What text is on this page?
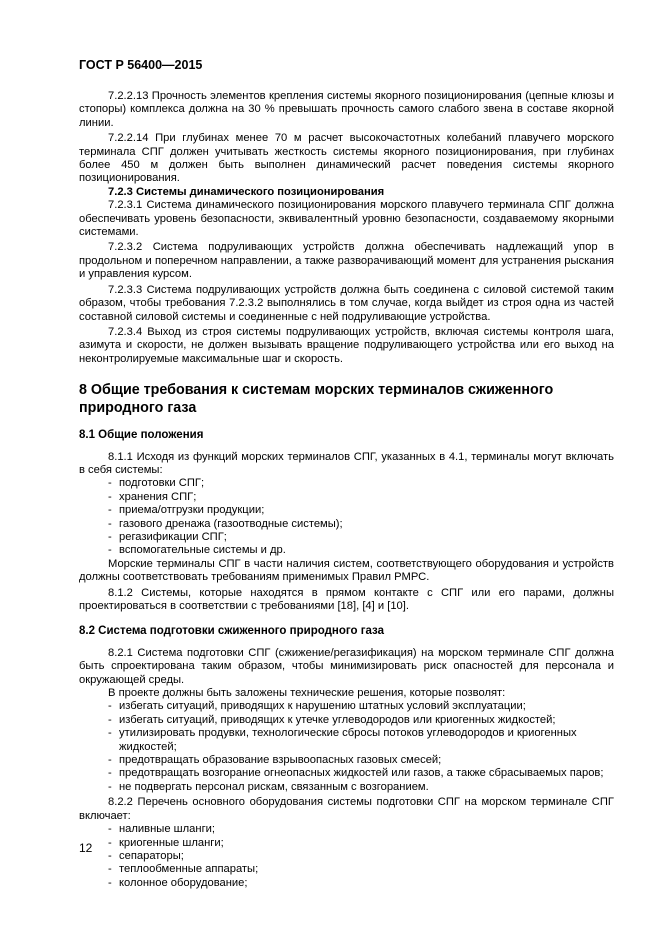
ГОСТ Р 56400—2015

7.2.2.13 Прочность элементов крепления системы якорного позиционирования (цепные клюзы и стопоры) комплекса должна на 30 % превышать прочность самого слабого звена в составе якорной линии.

7.2.2.14 При глубинах менее 70 м расчет высокочастотных колебаний плавучего морского терминала СПГ должен учитывать жесткость системы якорного позиционирования, при глубинах более 450 м должен быть выполнен динамический расчет поведения системы якорного позиционирования.

7.2.3 Системы динамического позиционирования

7.2.3.1 Система динамического позиционирования морского плавучего терминала СПГ должна обеспечивать уровень безопасности, эквивалентный уровню безопасности, создаваемому якорными системами.

7.2.3.2 Система подруливающих устройств должна обеспечивать надлежащий упор в продольном и поперечном направлении, а также разворачивающий момент для устранения рыскания и управления курсом.

7.2.3.3 Система подруливающих устройств должна быть соединена с силовой системой таким образом, чтобы требования 7.2.3.2 выполнялись в том случае, когда выйдет из строя одна из частей составной силовой системы и соединенные с ней подруливающие устройства.

7.2.3.4 Выход из строя системы подруливающих устройств, включая системы контроля шага, азимута и скорости, не должен вызывать вращение подруливающего устройства или его выход на неконтролируемые максимальные шаг и скорость.

8 Общие требования к системам морских терминалов сжиженного природного газа
8.1 Общие положения

8.1.1 Исходя из функций морских терминалов СПГ, указанных в 4.1, терминалы могут включать в себя системы:

- подготовки СПГ;
- хранения СПГ;
- приема/отгрузки продукции;
- газового дренажа (газоотводные системы);
- регазификации СПГ;
- вспомогательные системы и др.

Морские терминалы СПГ в части наличия систем, соответствующего оборудования и устройств должны соответствовать требованиям применимых Правил РМРС.

8.1.2 Системы, которые находятся в прямом контакте с СПГ или его парами, должны проектироваться в соответствии с требованиями [18], [4] и [10].

8.2 Система подготовки сжиженного природного газа

8.2.1 Система подготовки СПГ (сжижение/регазификация) на морском терминале СПГ должна быть спроектирована таким образом, чтобы минимизировать риск опасностей для персонала и окружающей среды.

В проекте должны быть заложены технические решения, которые позволят:

- избегать ситуаций, приводящих к нарушению штатных условий эксплуатации;
- избегать ситуаций, приводящих к утечке углеводородов или криогенных жидкостей;
- утилизировать продувки, технологические сбросы потоков углеводородов и криогенных жидкостей;
- предотвращать образование взрывоопасных газовых смесей;
- предотвращать возгорание огнеопасных жидкостей или газов, а также сбрасываемых паров;
- не подвергать персонал рискам, связанным с возгоранием.

8.2.2 Перечень основного оборудования системы подготовки СПГ на морском терминале СПГ включает:

- наливные шланги;
- криогенные шланги;
- сепараторы;
- теплообменные аппараты;
- колонное оборудование;
12
